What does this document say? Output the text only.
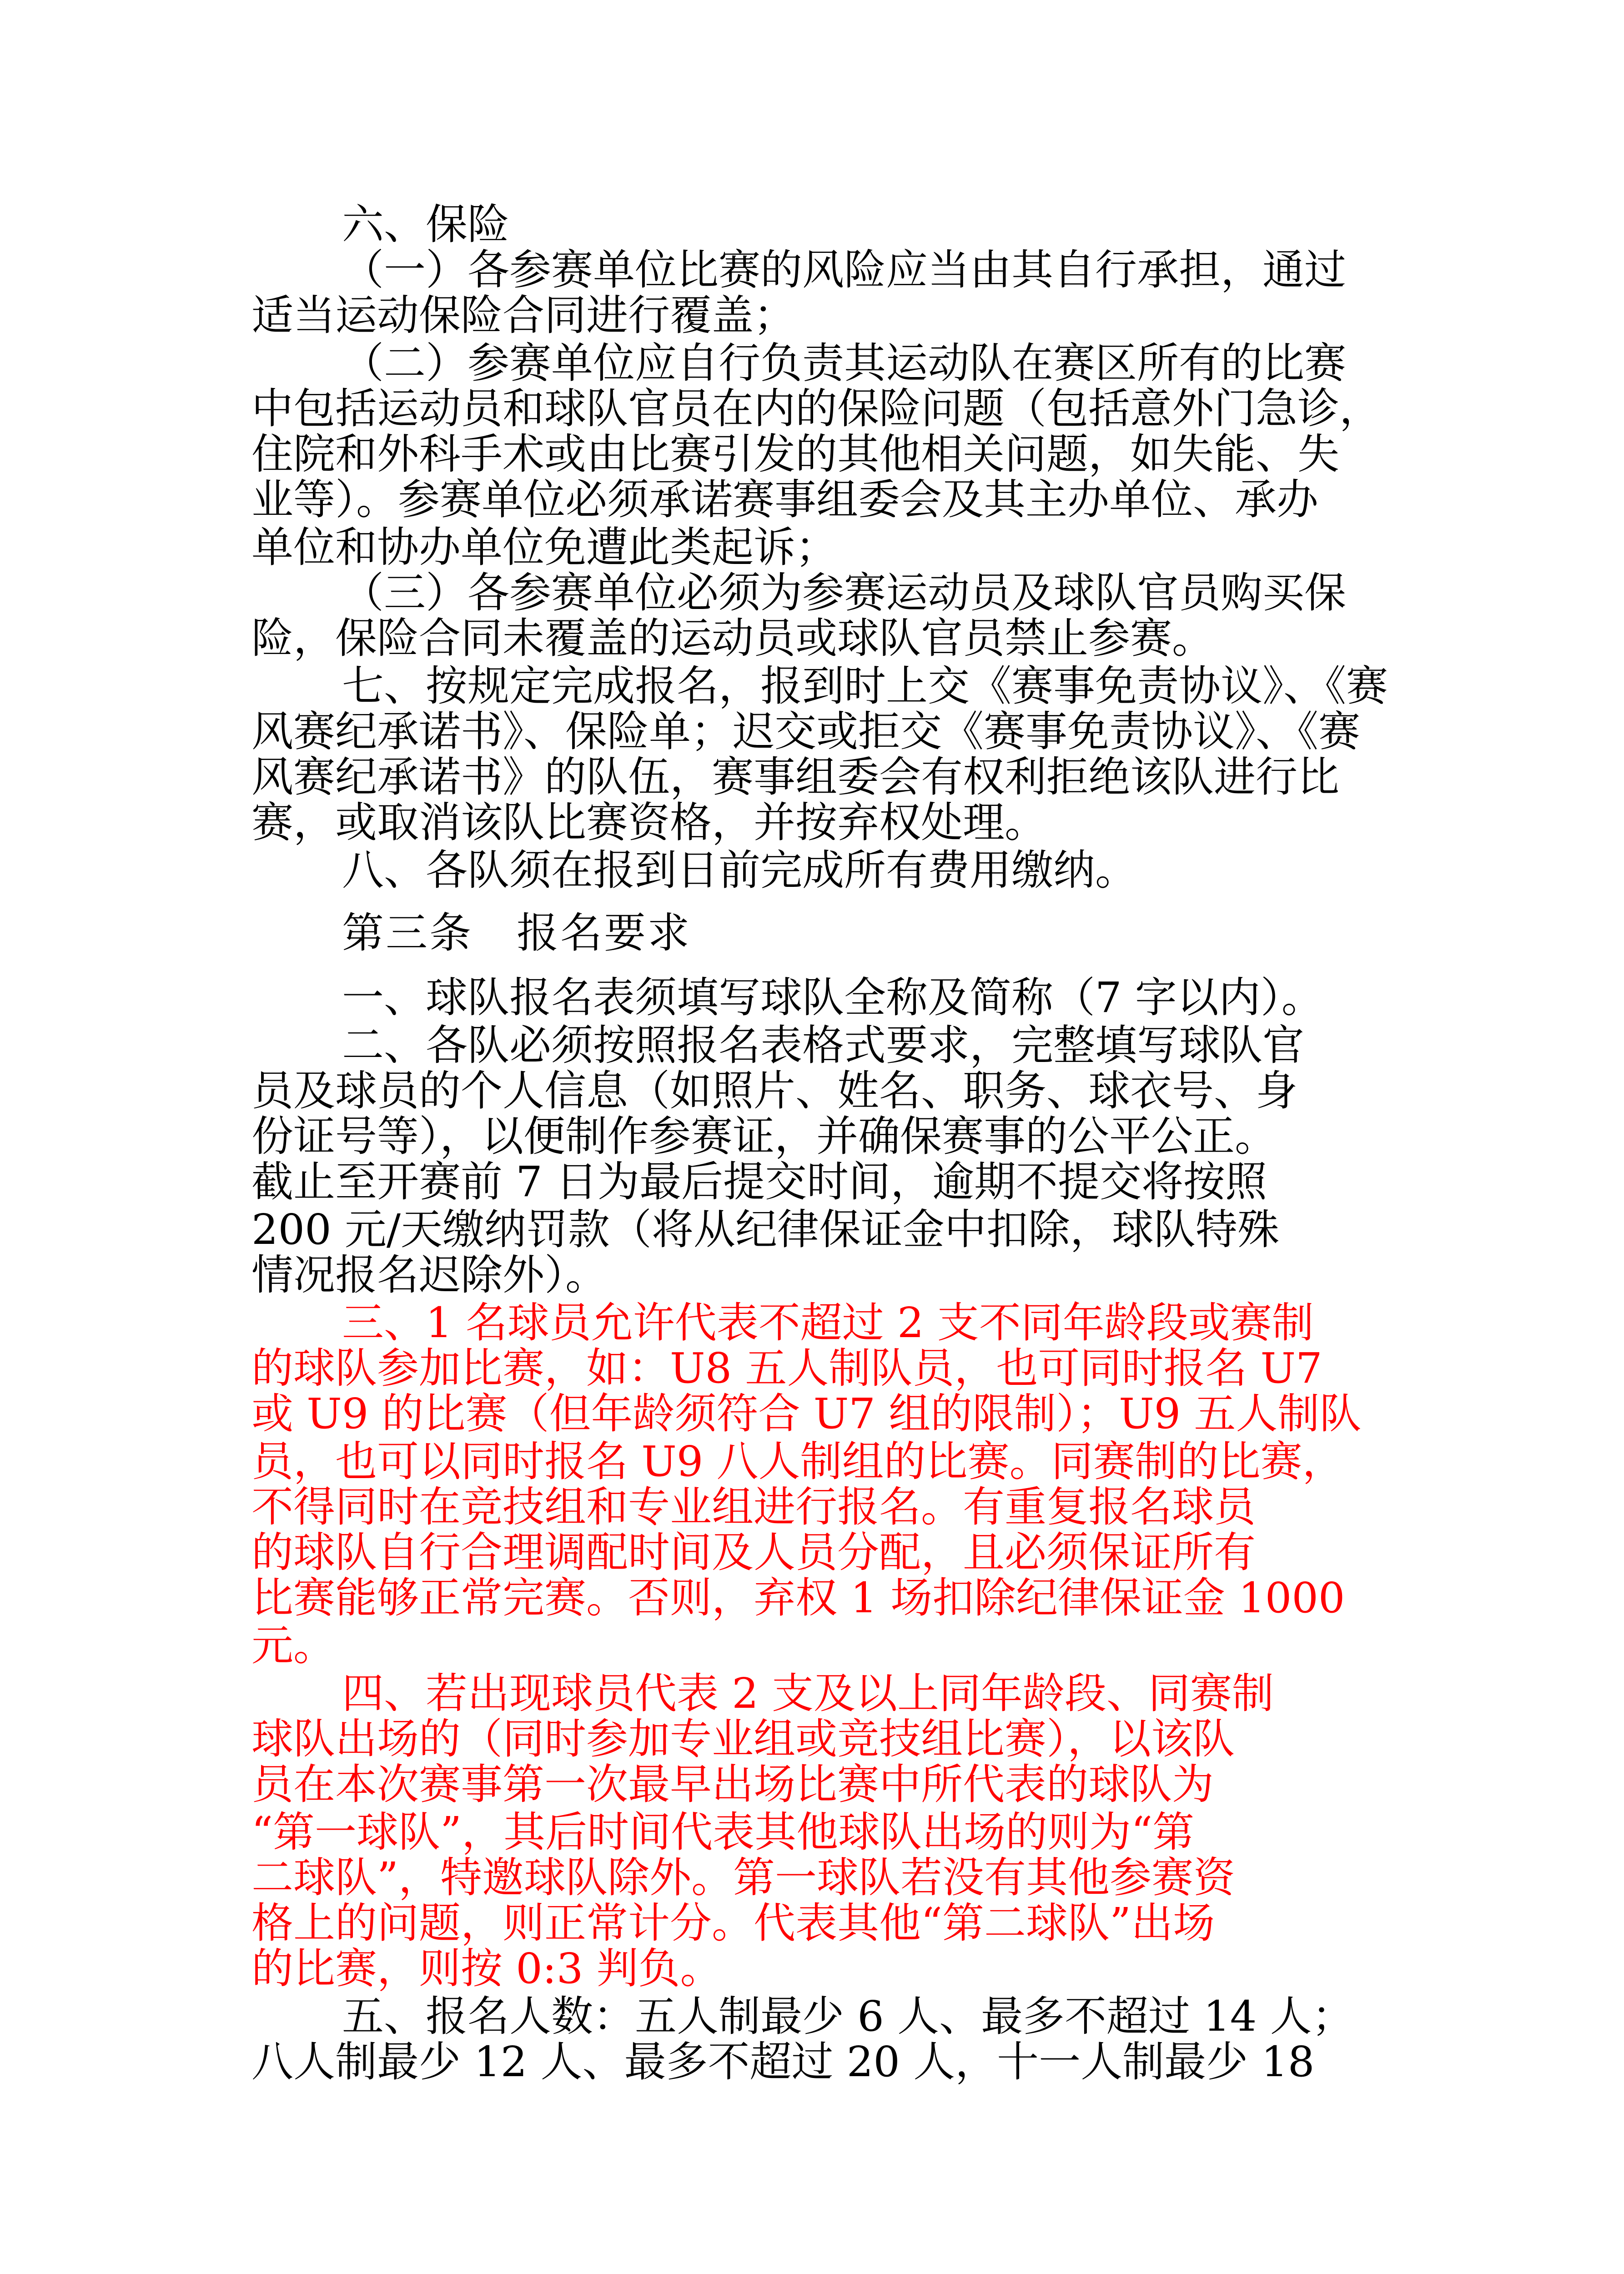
六、保险

（一）各参赛单位比赛的风险应当由其自行承担，通过

适当运动保险合同进行覆盖；

（二）参赛单位应自行负责其运动队在赛区所有的比赛

中包括运动员和球队官员在内的保险问题（包括意外门急诊，

住院和外科手术或由比赛引发的其他相关问题，如失能、失

业等）。参赛单位必须承诺赛事组委会及其主办单位、承办

单位和协办单位免遭此类起诉；

（三）各参赛单位必须为参赛运动员及球队官员购买保

险，保险合同未覆盖的运动员或球队官员禁止参赛。

七、按规定完成报名，报到时上交《赛事免责协议》、《赛

风赛纪承诺书》、保险单；迟交或拒交《赛事免责协议》、《赛

风赛纪承诺书》的队伍，赛事组委会有权利拒绝该队进行比

赛，或取消该队比赛资格，并按弃权处理。

八、各队须在报到日前完成所有费用缴纳。

第三条　报名要求

一、球队报名表须填写球队全称及简称（7 字以内）。

二、各队必须按照报名表格式要求，完整填写球队官

员及球员的个人信息（如照片、姓名、职务、球衣号、身

份证号等），以便制作参赛证，并确保赛事的公平公正。

截止至开赛前 7 日为最后提交时间，逾期不提交将按照

200 元/天缴纳罚款（将从纪律保证金中扣除，球队特殊

情况报名迟除外）。

三、1 名球员允许代表不超过 2 支不同年龄段或赛制

的球队参加比赛，如：U8 五人制队员，也可同时报名 U7

或 U9 的比赛（但年龄须符合 U7 组的限制）；U9 五人制队

员，也可以同时报名 U9 八人制组的比赛。同赛制的比赛，

不得同时在竞技组和专业组进行报名。有重复报名球员

的球队自行合理调配时间及人员分配，且必须保证所有

比赛能够正常完赛。否则，弃权 1 场扣除纪律保证金 1000

元。

四、若出现球员代表 2 支及以上同年龄段、同赛制

球队出场的（同时参加专业组或竞技组比赛），以该队

员在本次赛事第一次最早出场比赛中所代表的球队为

“第一球队”，其后时间代表其他球队出场的则为“第

二球队”，特邀球队除外。第一球队若没有其他参赛资

格上的问题，则正常计分。代表其他“第二球队”出场

的比赛，则按 0:3 判负。

五、报名人数：五人制最少 6 人、最多不超过 14 人；

八人制最少 12 人、最多不超过 20 人，十一人制最少 18
